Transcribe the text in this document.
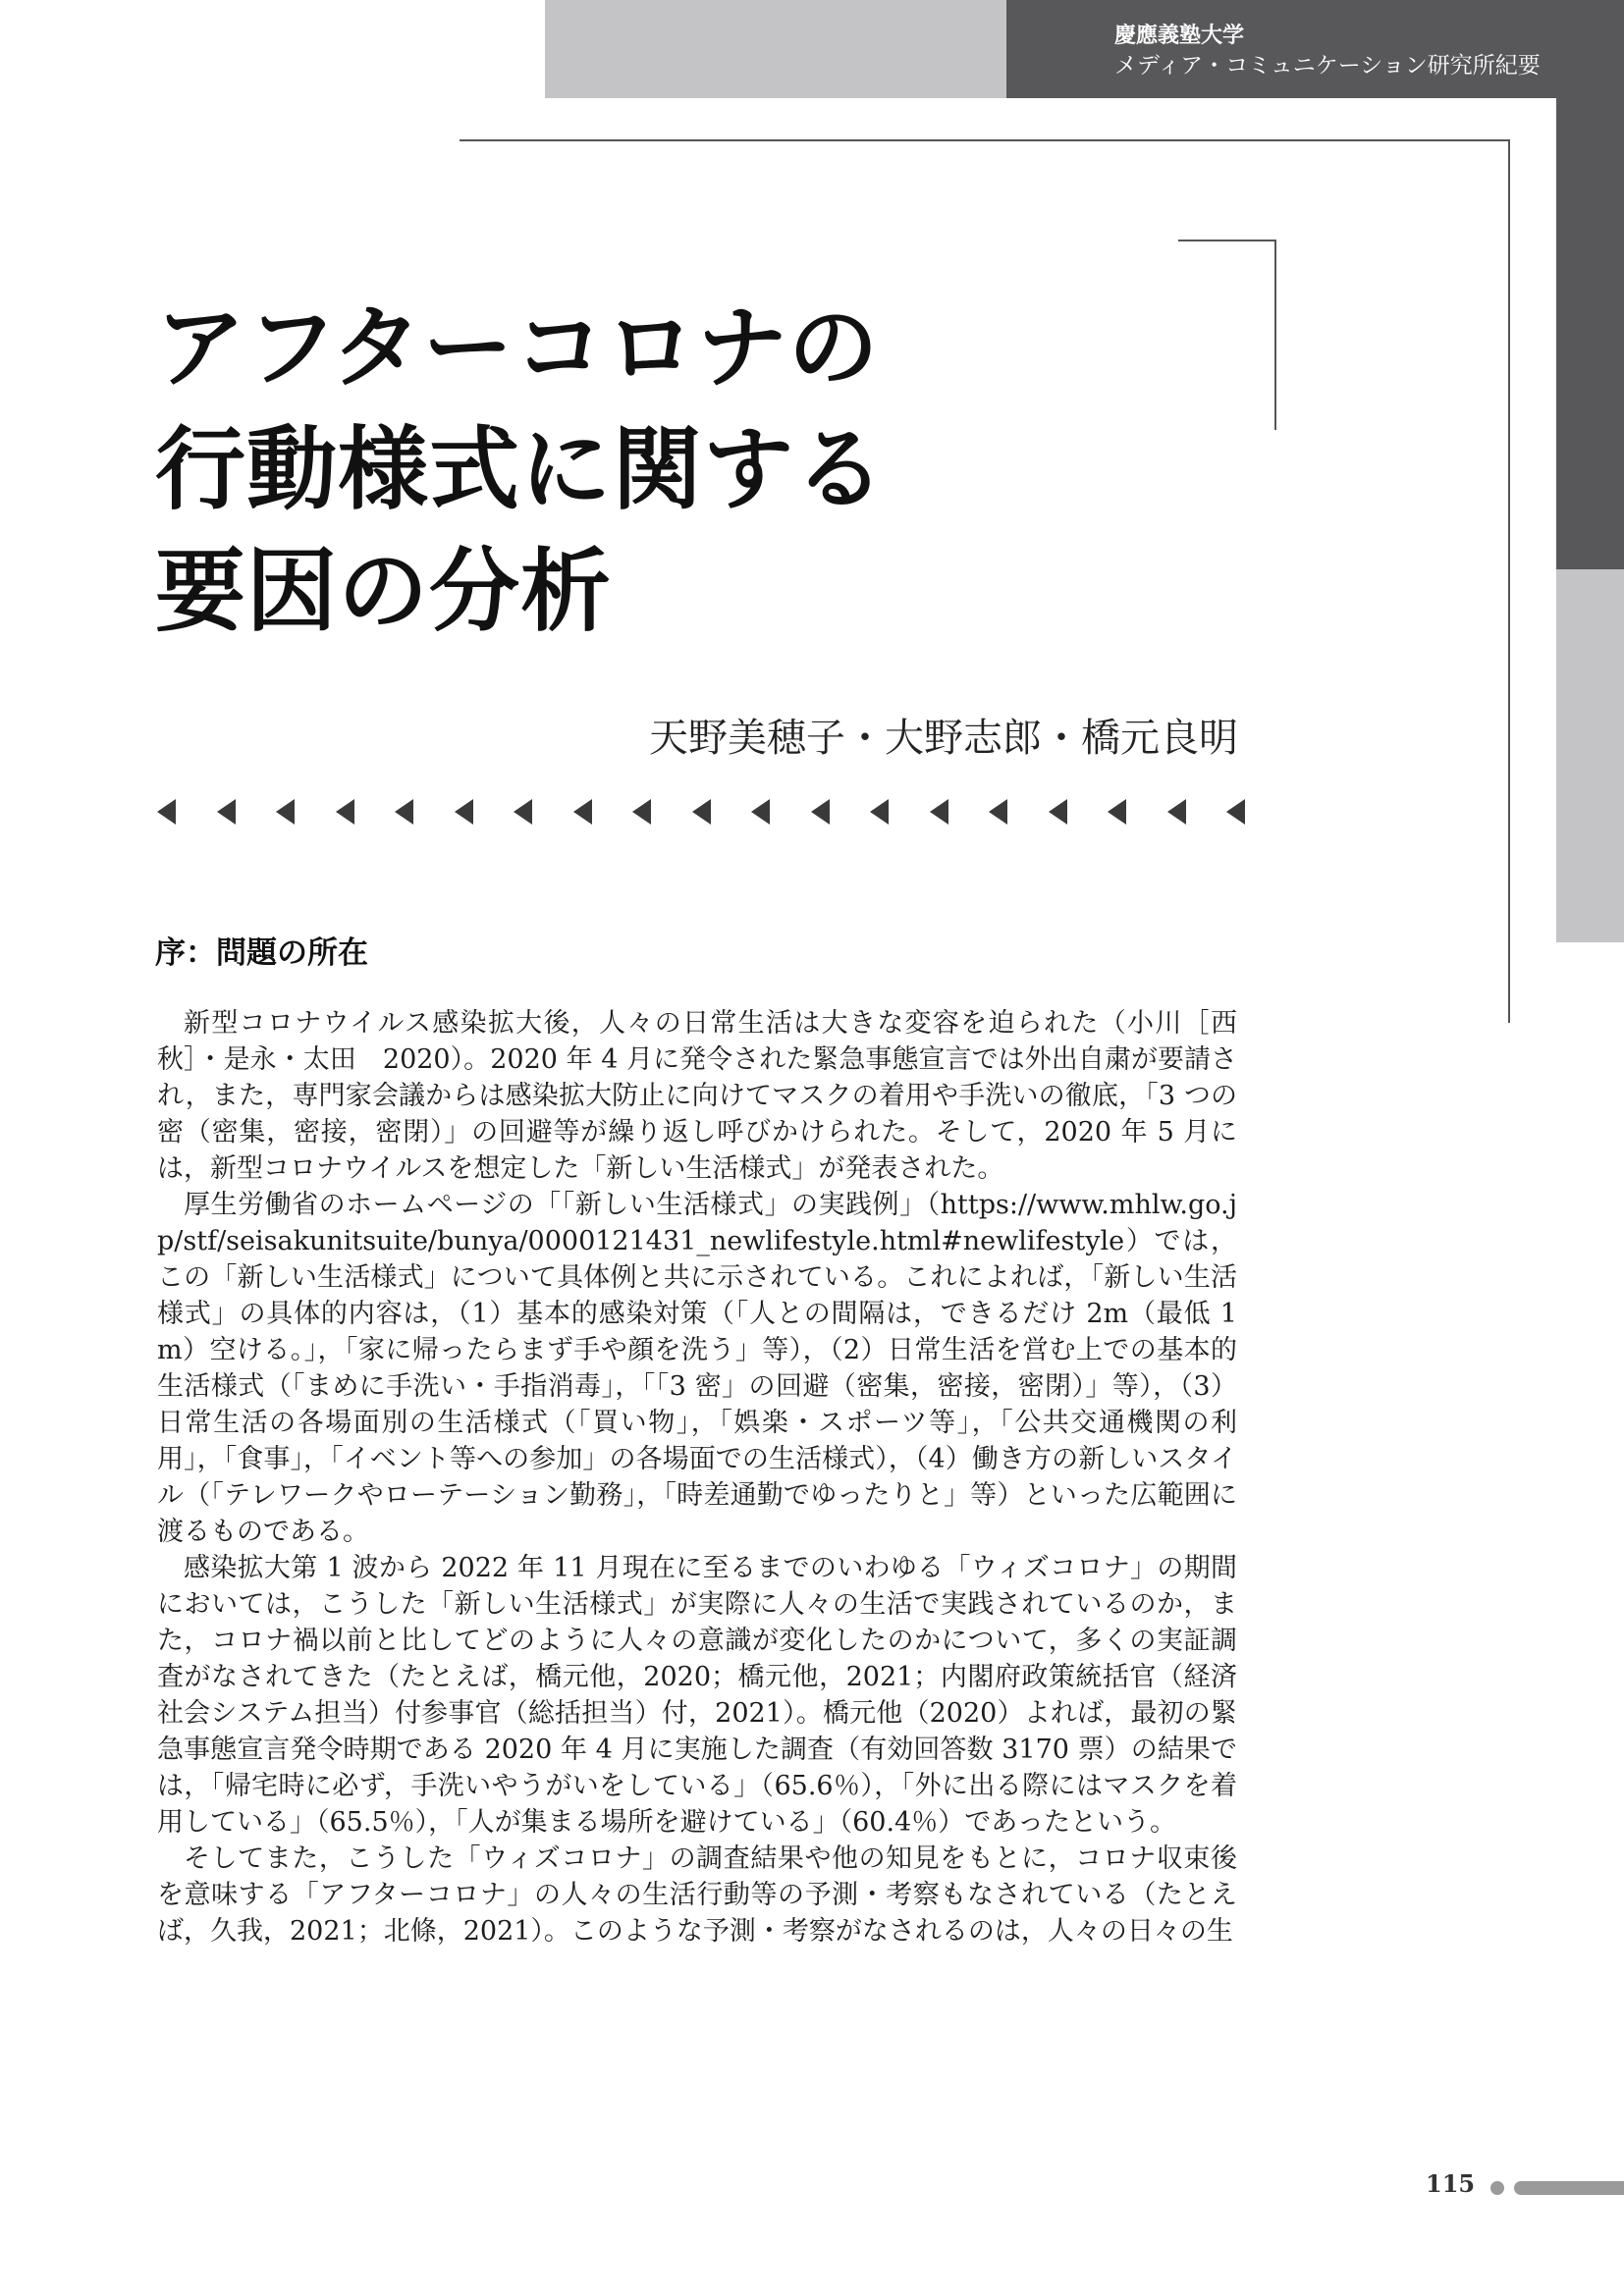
慶應義塾大学
メディア・コミュニケーション研究所紀要
アフターコロナの
行動様式に関する
要因の分析
天野美穂子・大野志郎・橋元良明
序：問題の所在

新型コロナウイルス感染拡大後，人々の日常生活は大きな変容を迫られた（小川［西秋］・是永・太田　2020）。2020 年 4 月に発令された緊急事態宣言では外出自粛が要請され，また，専門家会議からは感染拡大防止に向けてマスクの着用や手洗いの徹底，「3 つの密（密集，密接，密閉）」の回避等が繰り返し呼びかけられた。そして，2020 年 5 月には，新型コロナウイルスを想定した「新しい生活様式」が発表された。

厚生労働省のホームページの「「新しい生活様式」の実践例」（https://www.mhlw.go.jp/stf/seisakunitsuite/bunya/0000121431_newlifestyle.html#newlifestyle）では，この「新しい生活様式」について具体例と共に示されている。これによれば，「新しい生活様式」の具体的内容は，（1）基本的感染対策（「人との間隔は，できるだけ 2m（最低 1m）空ける。」，「家に帰ったらまず手や顔を洗う」等），（2）日常生活を営む上での基本的生活様式（「まめに手洗い・手指消毒」，「「3 密」の回避（密集，密接，密閉）」等），（3）日常生活の各場面別の生活様式（「買い物」，「娯楽・スポーツ等」，「公共交通機関の利用」，「食事」，「イベント等への参加」の各場面での生活様式），（4）働き方の新しいスタイル（「テレワークやローテーション勤務」，「時差通勤でゆったりと」等）といった広範囲に渡るものである。

感染拡大第 1 波から 2022 年 11 月現在に至るまでのいわゆる「ウィズコロナ」の期間においては，こうした「新しい生活様式」が実際に人々の生活で実践されているのか，また，コロナ禍以前と比してどのように人々の意識が変化したのかについて，多くの実証調査がなされてきた（たとえば，橋元他，2020；橋元他，2021；内閣府政策統括官（経済社会システム担当）付参事官（総括担当）付，2021）。橋元他（2020）よれば，最初の緊急事態宣言発令時期である 2020 年 4 月に実施した調査（有効回答数 3170 票）の結果では，「帰宅時に必ず，手洗いやうがいをしている」（65.6％），「外に出る際にはマスクを着用している」（65.5％），「人が集まる場所を避けている」（60.4％）であったという。

そしてまた，こうした「ウィズコロナ」の調査結果や他の知見をもとに，コロナ収束後を意味する「アフターコロナ」の人々の生活行動等の予測・考察もなされている（たとえば，久我，2021；北條，2021）。このような予測・考察がなされるのは，人々の日々の生

115
